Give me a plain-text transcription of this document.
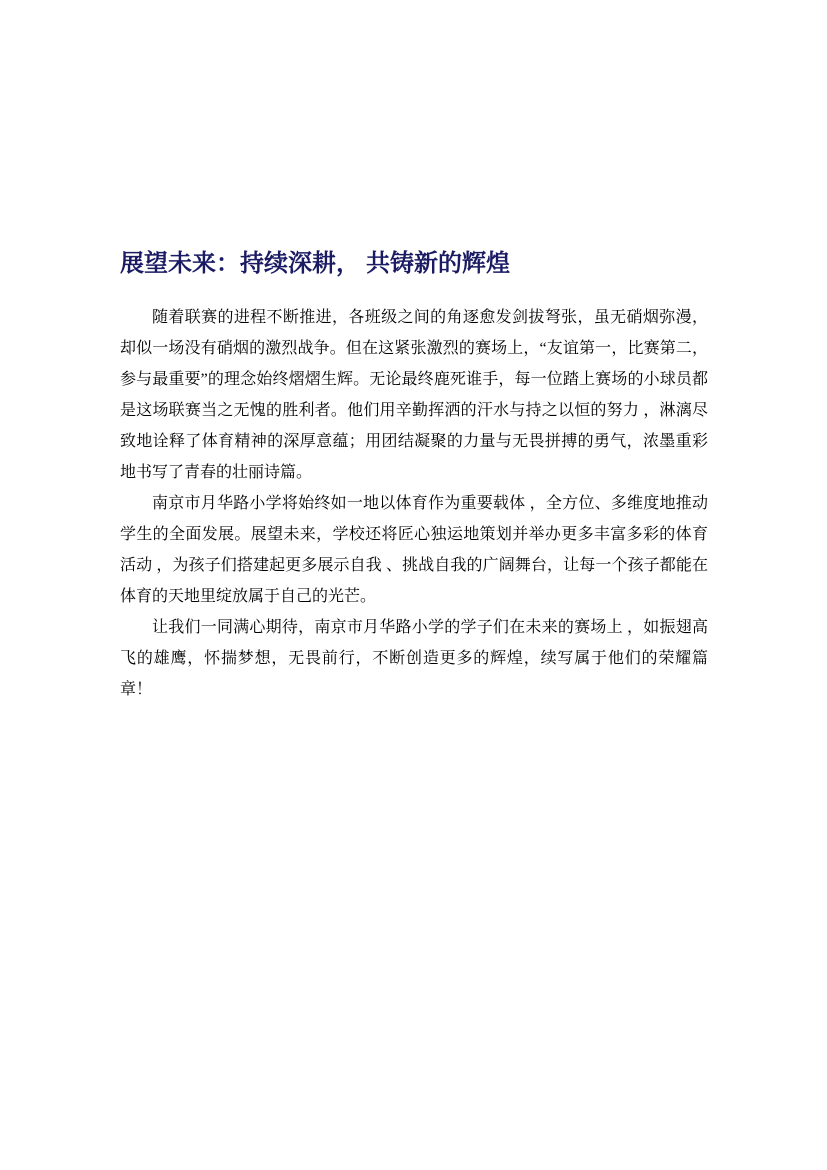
展望未来：持续深耕， 共铸新的辉煌

随着联赛的进程不断推进，各班级之间的角逐愈发剑拔弩张，虽无硝烟弥漫，却似一场没有硝烟的激烈战争。但在这紧张激烈的赛场上，“友谊第一，比赛第二，参与最重要”的理念始终熠熠生辉。无论最终鹿死谁手，每一位踏上赛场的小球员都是这场联赛当之无愧的胜利者。他们用辛勤挥洒的汗水与持之以恒的努力 ，淋漓尽致地诠释了体育精神的深厚意蕴；用团结凝聚的力量与无畏拼搏的勇气，浓墨重彩地书写了青春的壮丽诗篇。

南京市月华路小学将始终如一地以体育作为重要载体 ，全方位、多维度地推动学生的全面发展。展望未来，学校还将匠心独运地策划并举办更多丰富多彩的体育活动 ，为孩子们搭建起更多展示自我 、挑战自我的广阔舞台，让每一个孩子都能在体育的天地里绽放属于自己的光芒。

让我们一同满心期待，南京市月华路小学的学子们在未来的赛场上 ，如振翅高飞的雄鹰，怀揣梦想，无畏前行，不断创造更多的辉煌，续写属于他们的荣耀篇章！
